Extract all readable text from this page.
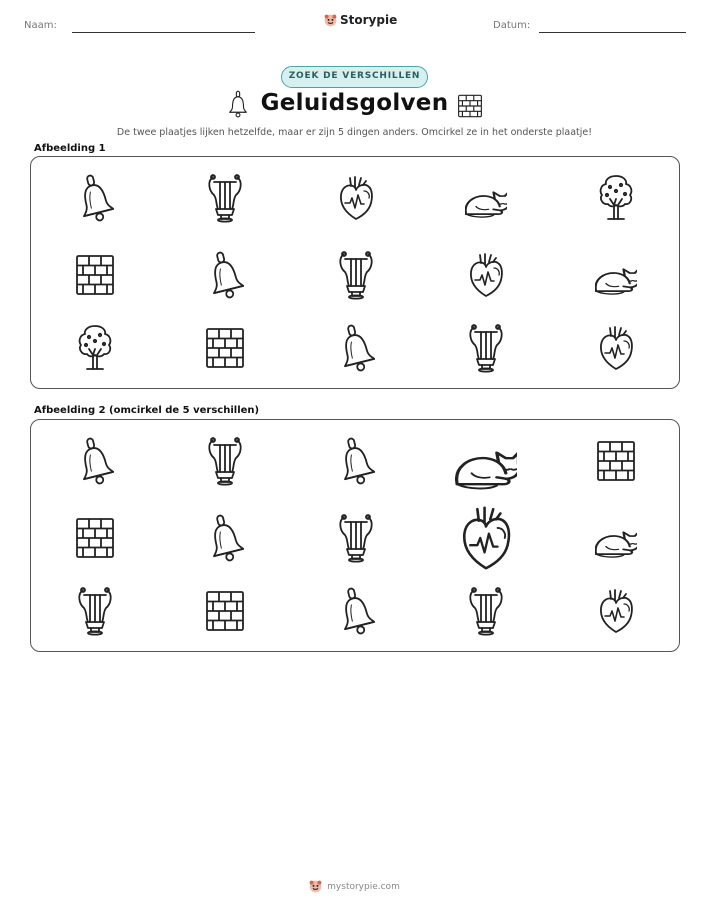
Naam:	Storypie	Datum:
ZOEK DE VERSCHILLEN
Geluidsgolven
De twee plaatjes lijken hetzelfde, maar er zijn 5 dingen anders. Omcirkel ze in het onderste plaatje!
Afbeelding 1
Afbeelding 2 (omcirkel de 5 verschillen)
mystorypie.com
